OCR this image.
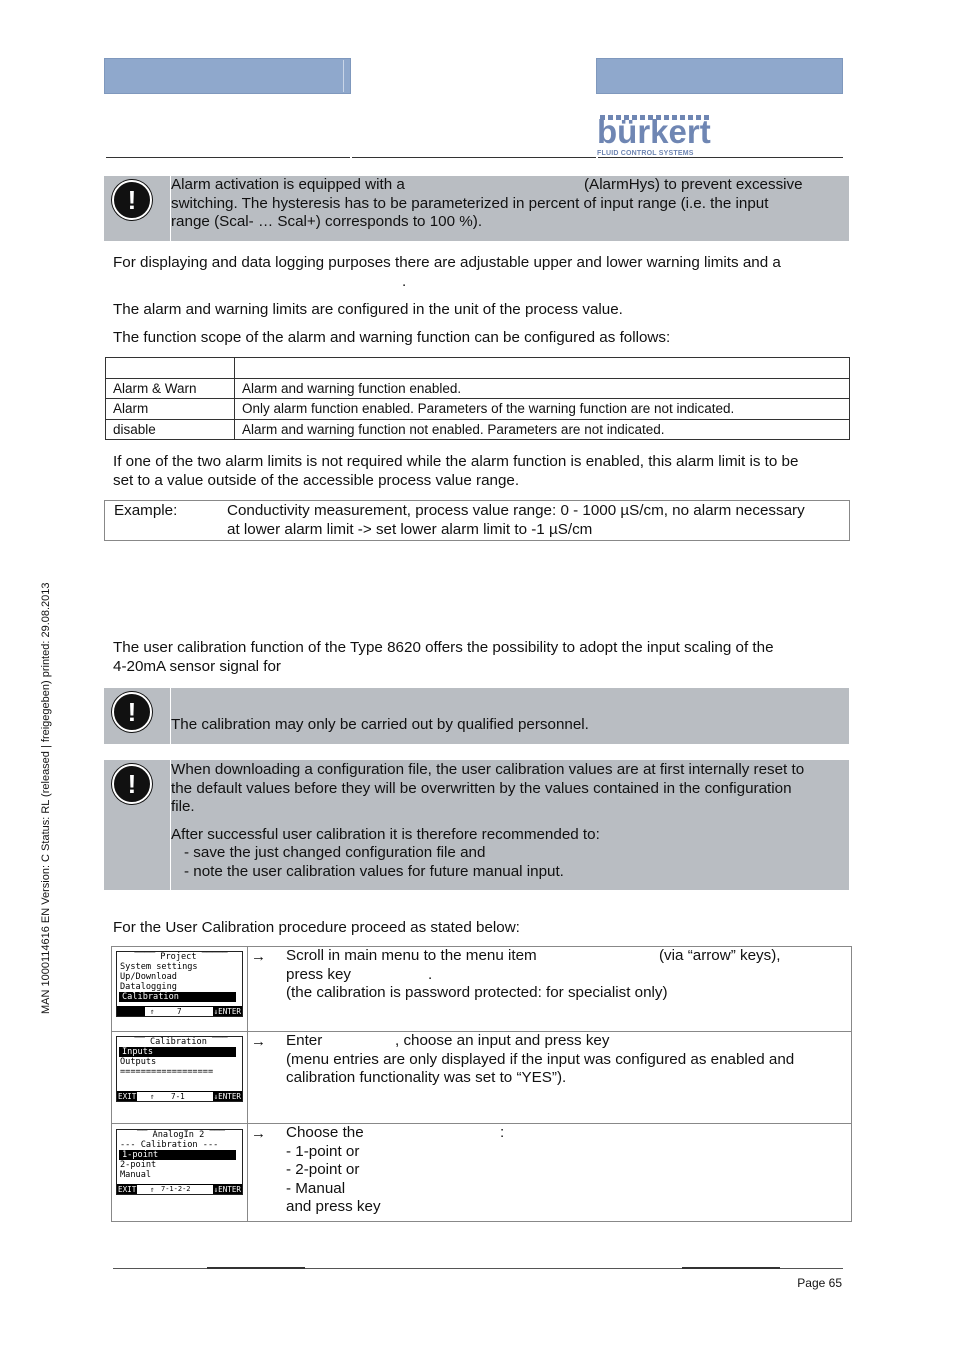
bürkert
FLUID CONTROL SYSTEMS
MAN 1000114616 EN Version: C Status: RL (released | freigegeben) printed: 29.08.2013
!
Alarm activation is equipped with a	(AlarmHys) to prevent excessive
switching. The hysteresis has to be parameterized in percent of input range (i.e. the input
range (Scal- … Scal+) corresponds to 100 %).
For displaying and data logging purposes there are adjustable upper and lower warning limits and a
.
The alarm and warning limits are configured in the unit of the process value.
The function scope of the alarm and warning function can be configured as follows:

Alarm & Warn	Alarm and warning function enabled.
Alarm	Only alarm function enabled. Parameters of the warning function are not indicated.
disable	Alarm and warning function not enabled. Parameters are not indicated.
If one of the two alarm limits is not required while the alarm function is enabled, this alarm limit is to be
set to a value outside of the accessible process value range.
Example:	Conductivity measurement, process value range: 0 - 1000 µS/cm, no alarm necessary
at lower alarm limit -> set lower alarm limit to -1 µS/cm
The user calibration function of the Type 8620 offers the possibility to adopt the input scaling of the
4-20mA sensor signal for
!
The calibration may only be carried out by qualified personnel.
!
When downloading a configuration file, the user calibration values are at first internally reset to
the default values before they will be overwritten by the values contained in the configuration
file.
After successful user calibration it is therefore recommended to:
- save the just changed configuration file and
- note the user calibration values for future manual input.
For the User Calibration procedure proceed as stated below:
▔▔▔▔ Project ▔▔▔▔▔
System settings
Up/Download
Datalogging
Calibration
⇑	7	⇓ENTER
→ Scroll in main menu to the menu item	(via “arrow” keys),
press key	.
(the calibration is password protected: for specialist only)
▔▔ Calibration ▔▔▔
Inputs
Outputs
==================
EXIT ⇑ 7-1	⇓ENTER
→ Enter	, choose an input and press key
(menu entries are only displayed if the input was configured as enabled and
calibration functionality was set to “YES”).
▔▔ AnalogIn 2 ▔▔▔
--- Calibration ---
1-point
2-point
Manual
EXIT ⇑ 7-1-2-2	⇓ENTER
→ Choose the	:
- 1-point or
- 2-point or
- Manual
and press key
Page 65
